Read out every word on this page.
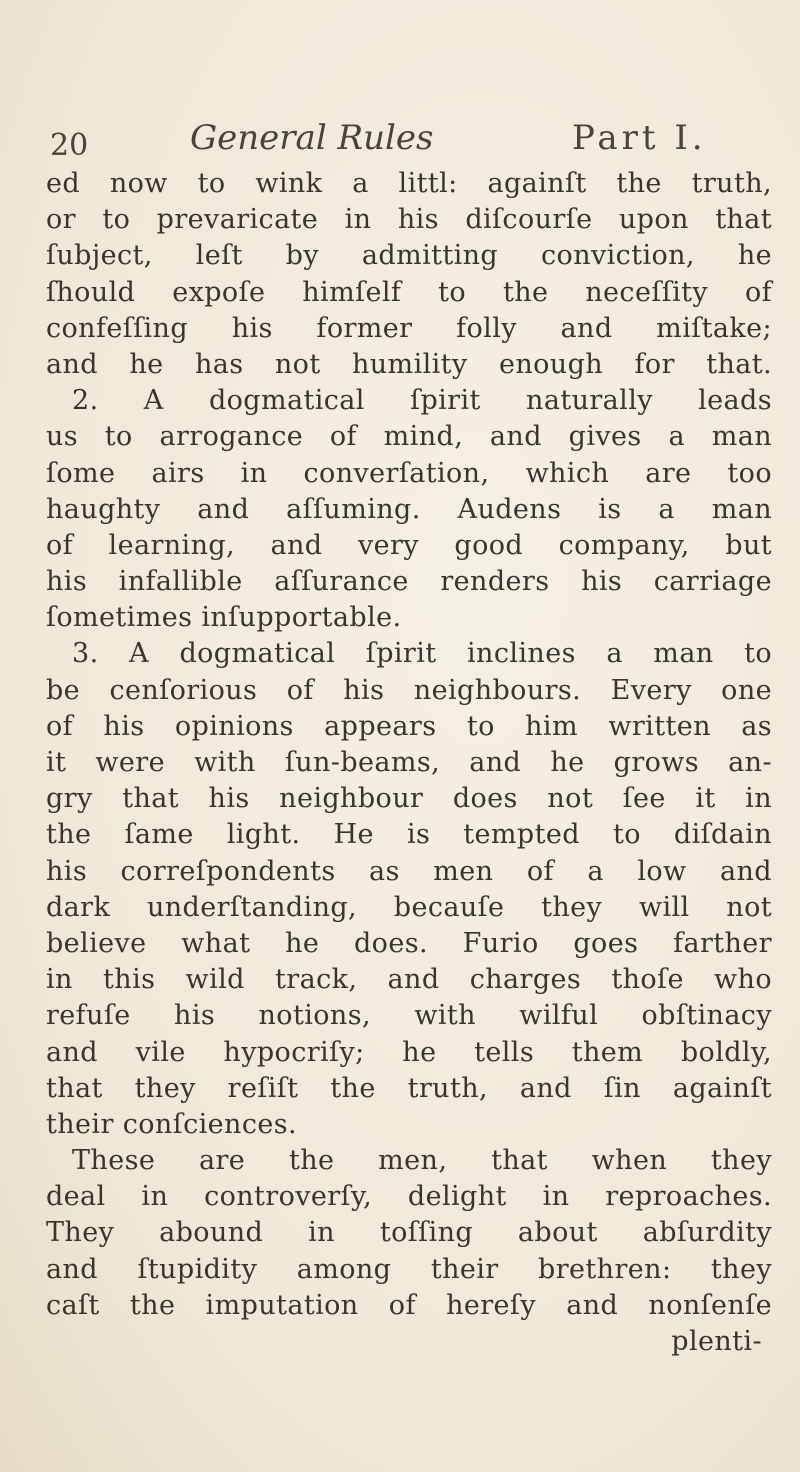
20	General Rules	Part I.
ed now to wink a littl: againſt the truth,
or to prevaricate in his diſcourſe upon that
ſubject, leſt by admitting conviction, he
ſhould expoſe himſelf to the neceſſity of
confeſſing his former folly and miſtake;
and he has not humility enough for that.
2. A dogmatical ſpirit naturally leads
us to arrogance of mind, and gives a man
ſome airs in converſation, which are too
haughty and aſſuming. Audens is a man
of learning, and very good company, but
his infallible aſſurance renders his carriage
ſometimes inſupportable.
3. A dogmatical ſpirit inclines a man to
be cenſorious of his neighbours. Every one
of his opinions appears to him written as
it were with ſun-beams, and he grows an-
gry that his neighbour does not ſee it in
the ſame light. He is tempted to diſdain
his correſpondents as men of a low and
dark underſtanding, becauſe they will not
believe what he does. Furio goes farther
in this wild track, and charges thoſe who
refuſe his notions, with wilful obſtinacy
and vile hypocriſy; he tells them boldly,
that they reſiſt the truth, and ſin againſt
their conſciences.
These are the men, that when they
deal in controverſy, delight in reproaches.
They abound in toſſing about abſurdity
and ſtupidity among their brethren: they
caſt the imputation of hereſy and nonſenſe
plenti-
